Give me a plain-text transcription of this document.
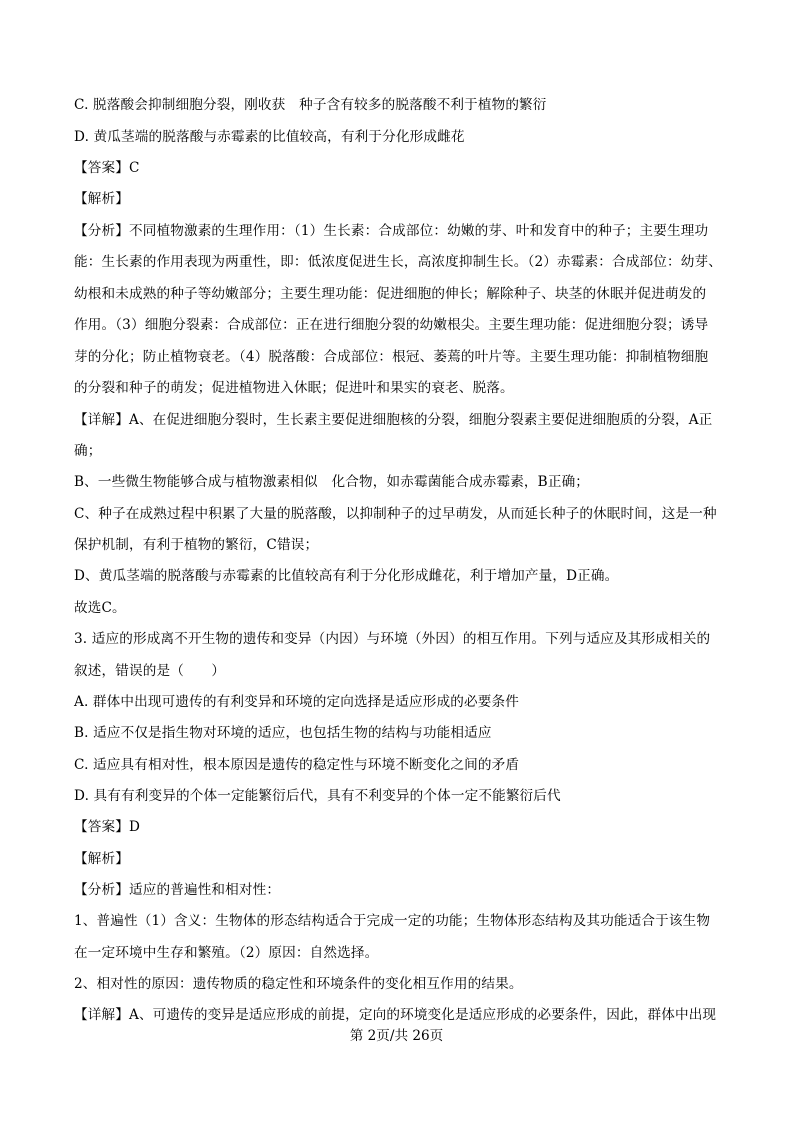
C. 脱落酸会抑制细胞分裂，刚收获　种子含有较多的脱落酸不利于植物的繁衍
D. 黄瓜茎端的脱落酸与赤霉素的比值较高，有利于分化形成雌花
【答案】C
【解析】
【分析】不同植物激素的生理作用：（1）生长素：合成部位：幼嫩的芽、叶和发育中的种子；主要生理功
能：生长素的作用表现为两重性，即：低浓度促进生长，高浓度抑制生长。（2）赤霉素：合成部位：幼芽、
幼根和未成熟的种子等幼嫩部分；主要生理功能：促进细胞的伸长；解除种子、块茎的休眠并促进萌发的
作用。（3）细胞分裂素：合成部位：正在进行细胞分裂的幼嫩根尖。主要生理功能：促进细胞分裂；诱导
芽的分化；防止植物衰老。（4）脱落酸：合成部位：根冠、萎蔫的叶片等。主要生理功能：抑制植物细胞
的分裂和种子的萌发；促进植物进入休眠；促进叶和果实的衰老、脱落。
【详解】A、在促进细胞分裂时，生长素主要促进细胞核的分裂，细胞分裂素主要促进细胞质的分裂，A正
确；
B、一些微生物能够合成与植物激素相似　化合物，如赤霉菌能合成赤霉素，B正确；
C、种子在成熟过程中积累了大量的脱落酸，以抑制种子的过早萌发，从而延长种子的休眠时间，这是一种
保护机制，有利于植物的繁衍，C错误；
D、黄瓜茎端的脱落酸与赤霉素的比值较高有利于分化形成雌花，利于增加产量，D正确。
故选C。
3. 适应的形成离不开生物的遗传和变异（内因）与环境（外因）的相互作用。下列与适应及其形成相关的
叙述，错误的是（　　）
A. 群体中出现可遗传的有利变异和环境的定向选择是适应形成的必要条件
B. 适应不仅是指生物对环境的适应，也包括生物的结构与功能相适应
C. 适应具有相对性，根本原因是遗传的稳定性与环境不断变化之间的矛盾
D. 具有有利变异的个体一定能繁衍后代，具有不利变异的个体一定不能繁衍后代
【答案】D
【解析】
【分析】适应的普遍性和相对性：
1、普遍性（1）含义：生物体的形态结构适合于完成一定的功能；生物体形态结构及其功能适合于该生物
在一定环境中生存和繁殖。（2）原因：自然选择。
2、相对性的原因：遗传物质的稳定性和环境条件的变化相互作用的结果。
【详解】A、可遗传的变异是适应形成的前提，定向的环境变化是适应形成的必要条件，因此，群体中出现
第 2页/共 26页
